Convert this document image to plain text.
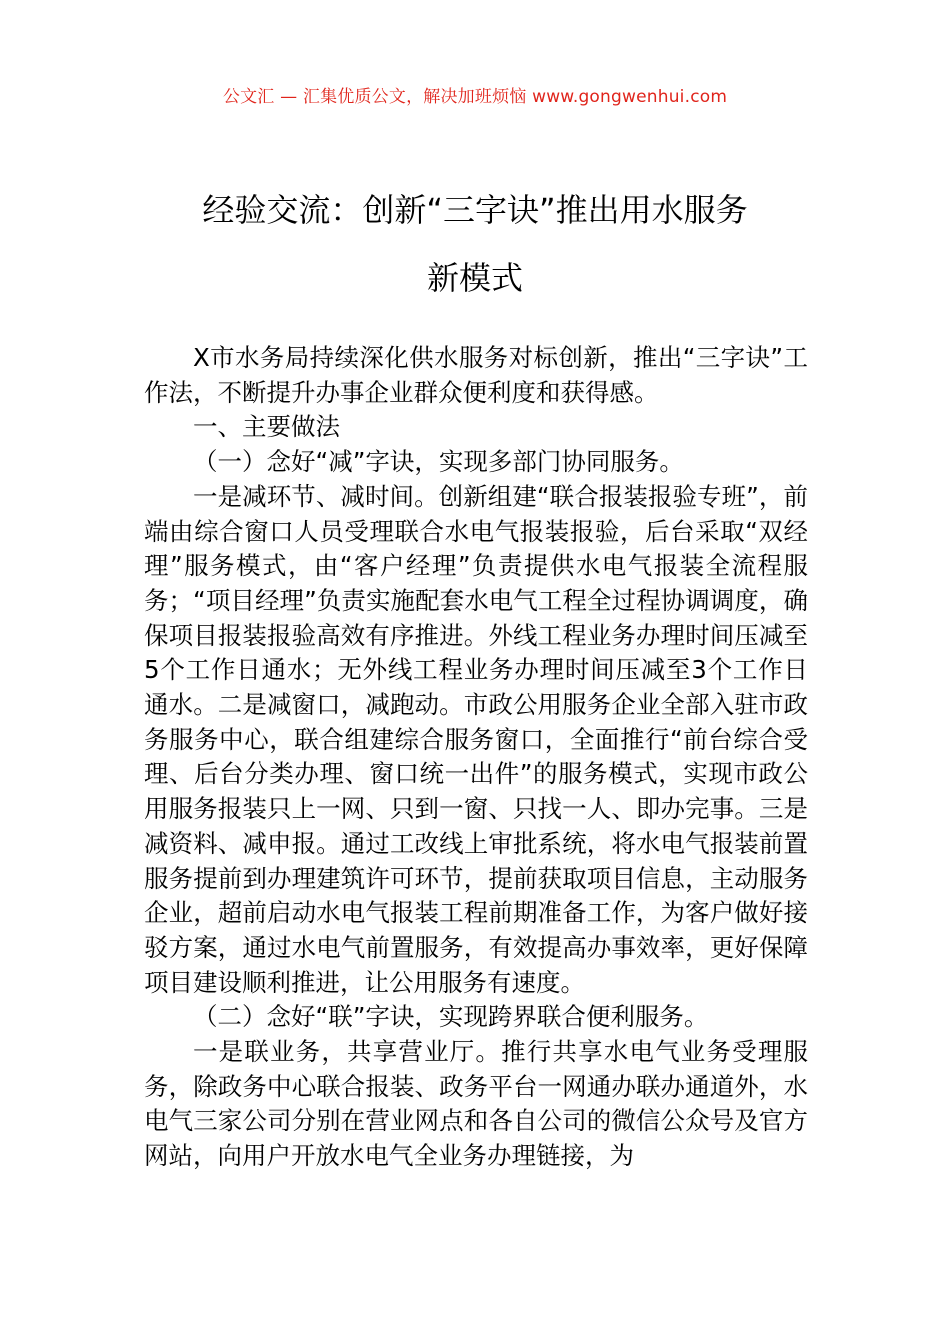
公文汇 — 汇集优质公文，解决加班烦恼 www.gongwenhui.com
经验交流：创新“三字诀”推出用水服务
新模式

X市水务局持续深化供水服务对标创新，推出“三字诀”工作法，不断提升办事企业群众便利度和获得感。

一、主要做法

（一）念好“减”字诀，实现多部门协同服务。

一是减环节、减时间。创新组建“联合报装报验专班”，前端由综合窗口人员受理联合水电气报装报验，后台采取“双经理”服务模式，由“客户经理”负责提供水电气报装全流程服务；“项目经理”负责实施配套水电气工程全过程协调调度，确保项目报装报验高效有序推进。外线工程业务办理时间压减至5个工作日通水；无外线工程业务办理时间压减至3个工作日通水。二是减窗口，减跑动。市政公用服务企业全部入驻市政务服务中心，联合组建综合服务窗口，全面推行“前台综合受理、后台分类办理、窗口统一出件”的服务模式，实现市政公用服务报装只上一网、只到一窗、只找一人、即办完事。三是减资料、减申报。通过工改线上审批系统，将水电气报装前置服务提前到办理建筑许可环节，提前获取项目信息，主动服务企业，超前启动水电气报装工程前期准备工作，为客户做好接驳方案，通过水电气前置服务，有效提高办事效率，更好保障项目建设顺利推进，让公用服务有速度。

（二）念好“联”字诀，实现跨界联合便利服务。

一是联业务，共享营业厅。推行共享水电气业务受理服务，除政务中心联合报装、政务平台一网通办联办通道外，水电气三家公司分别在营业网点和各自公司的微信公众号及官方网站，向用户开放水电气全业务办理链接，为
